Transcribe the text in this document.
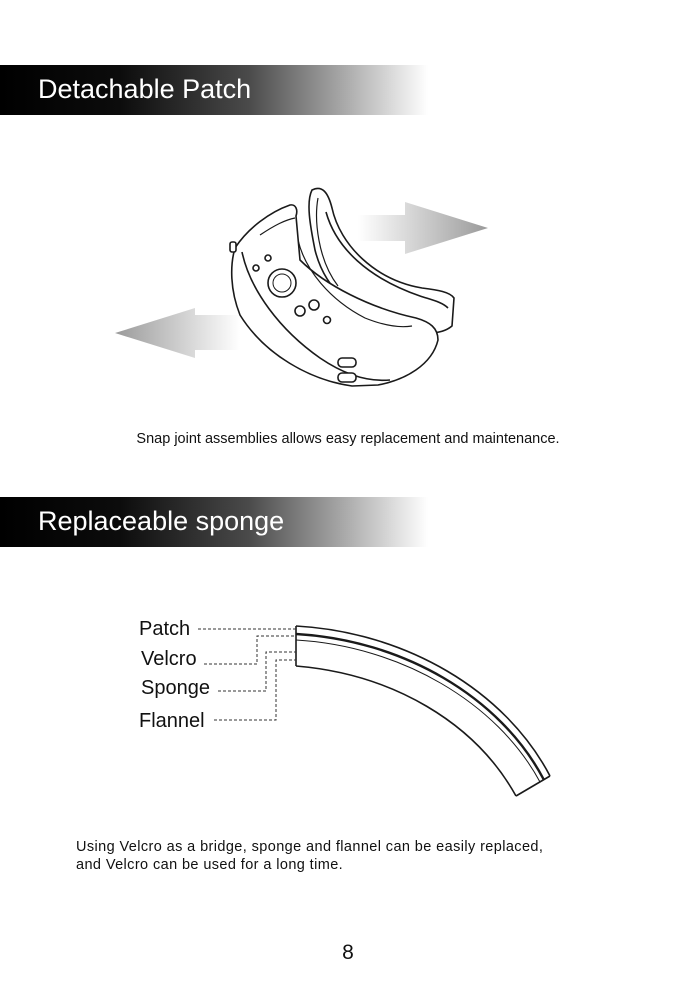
Detachable Patch
Snap joint assemblies allows easy replacement and maintenance.
Replaceable sponge
Patch
Velcro
Sponge
Flannel
Using Velcro as a bridge, sponge and flannel can be easily replaced,
and Velcro can be used for a long time.
8
